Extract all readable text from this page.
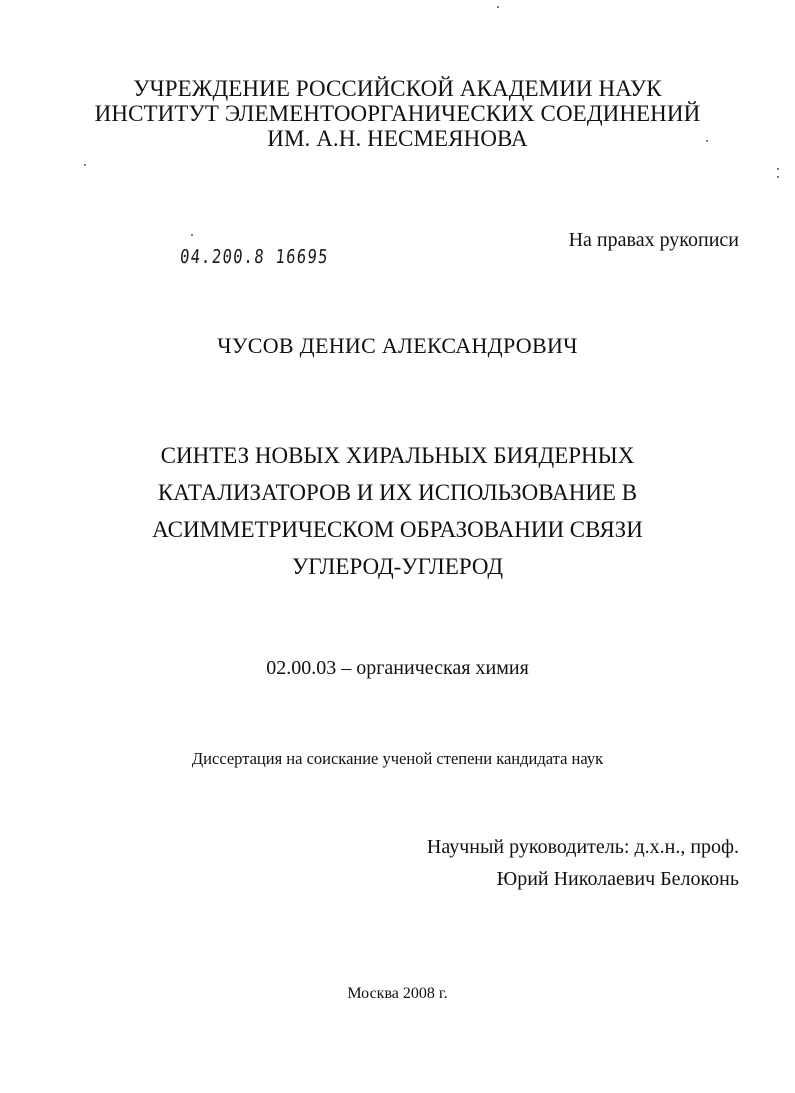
УЧРЕЖДЕНИЕ РОССИЙСКОЙ АКАДЕМИИ НАУК
ИНСТИТУТ ЭЛЕМЕНТООРГАНИЧЕСКИХ СОЕДИНЕНИЙ
ИМ. А.Н. НЕСМЕЯНОВА
04.200.8 16695
На правах рукописи
ЧУСОВ ДЕНИС АЛЕКСАНДРОВИЧ
СИНТЕЗ НОВЫХ ХИРАЛЬНЫХ БИЯДЕРНЫХ
КАТАЛИЗАТОРОВ И ИХ ИСПОЛЬЗОВАНИЕ В
АСИММЕТРИЧЕСКОМ ОБРАЗОВАНИИ СВЯЗИ
УГЛЕРОД-УГЛЕРОД
02.00.03 – органическая химия
Диссертация на соискание ученой степени кандидата наук
Научный руководитель: д.х.н., проф.
Юрий Николаевич Белоконь
Москва 2008 г.
